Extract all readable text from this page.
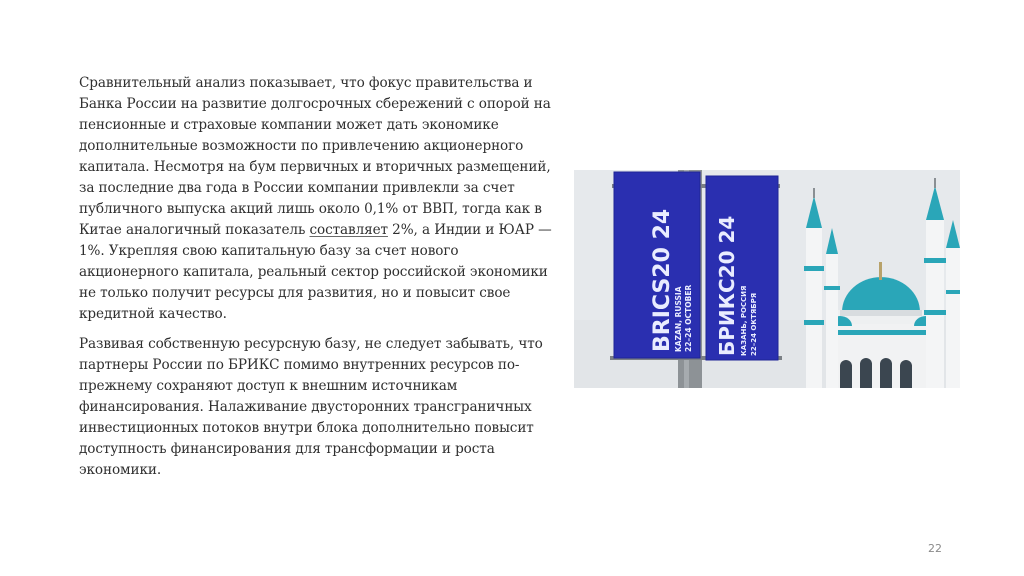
Сравнительный анализ показывает, что фокус правительства и Банка России на развитие долгосрочных сбережений с опорой на пенсионные и страховые компании может дать экономике дополнительные возможности по привлечению акционерного капитала. Несмотря на бум первичных и вторичных размещений, за последние два года в России компании привлекли за счет публичного выпуска акций лишь около 0,1% от ВВП, тогда как в Китае аналогичный показатель составляет 2%, а Индии и ЮАР — 1%. Укрепляя свою капитальную базу за счет нового акционерного капитала, реальный сектор российской экономики не только получит ресурсы для развития, но и повысит свое кредитной качество.

Развивая собственную ресурсную базу, не следует забывать, что партнеры России по БРИКС помимо внутренних ресурсов по-прежнему сохраняют доступ к внешним источникам финансирования. Налаживание двусторонних трансграничных инвестиционных потоков внутри блока дополнительно повысит доступность финансирования для трансформации и роста экономики.

BRICS20 24 KAZAN, RUSSIA 22–24 OCTOBER БРИКС20 24 КАЗАНЬ, РОССИЯ 22–24 ОКТЯБРЯ
22
